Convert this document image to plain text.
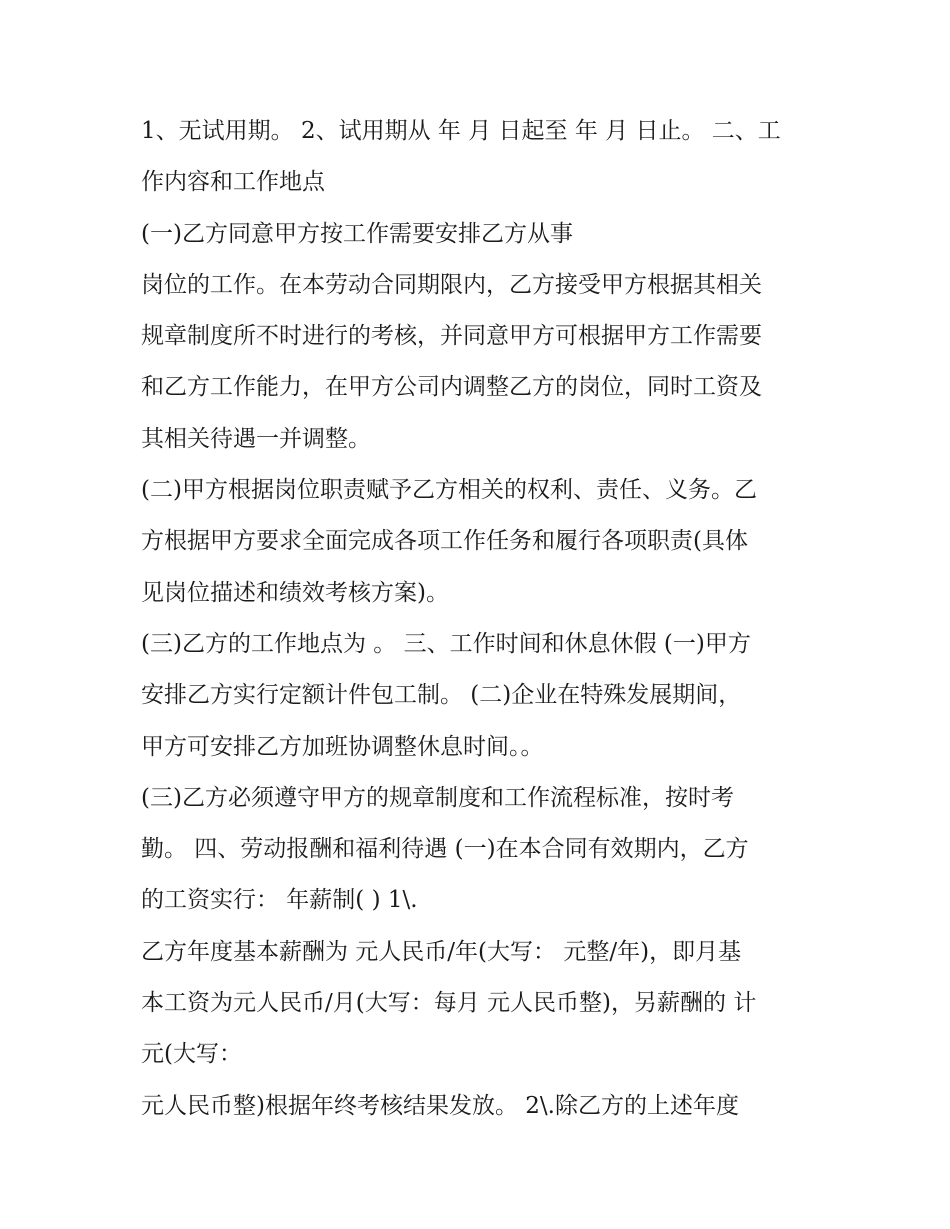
1、无试用期。 2、试用期从 年 月 日起至 年 月 日止。 二、工
作内容和工作地点
(一)乙方同意甲方按工作需要安排乙方从事
岗位的工作。在本劳动合同期限内，乙方接受甲方根据其相关
规章制度所不时进行的考核，并同意甲方可根据甲方工作需要
和乙方工作能力，在甲方公司内调整乙方的岗位，同时工资及
其相关待遇一并调整。
(二)甲方根据岗位职责赋予乙方相关的权利、责任、义务。乙
方根据甲方要求全面完成各项工作任务和履行各项职责(具体
见岗位描述和绩效考核方案)。
(三)乙方的工作地点为 。 三、工作时间和休息休假 (一)甲方
安排乙方实行定额计件包工制。 (二)企业在特殊发展期间，
甲方可安排乙方加班协调整休息时间。。
(三)乙方必须遵守甲方的规章制度和工作流程标准，按时考
勤。 四、劳动报酬和福利待遇 (一)在本合同有效期内，乙方
的工资实行： 年薪制( ) 1\.
乙方年度基本薪酬为 元人民币/年(大写： 元整/年)，即月基
本工资为元人民币/月(大写：每月 元人民币整)，另薪酬的 计
元(大写：
元人民币整)根据年终考核结果发放。 2\.除乙方的上述年度
